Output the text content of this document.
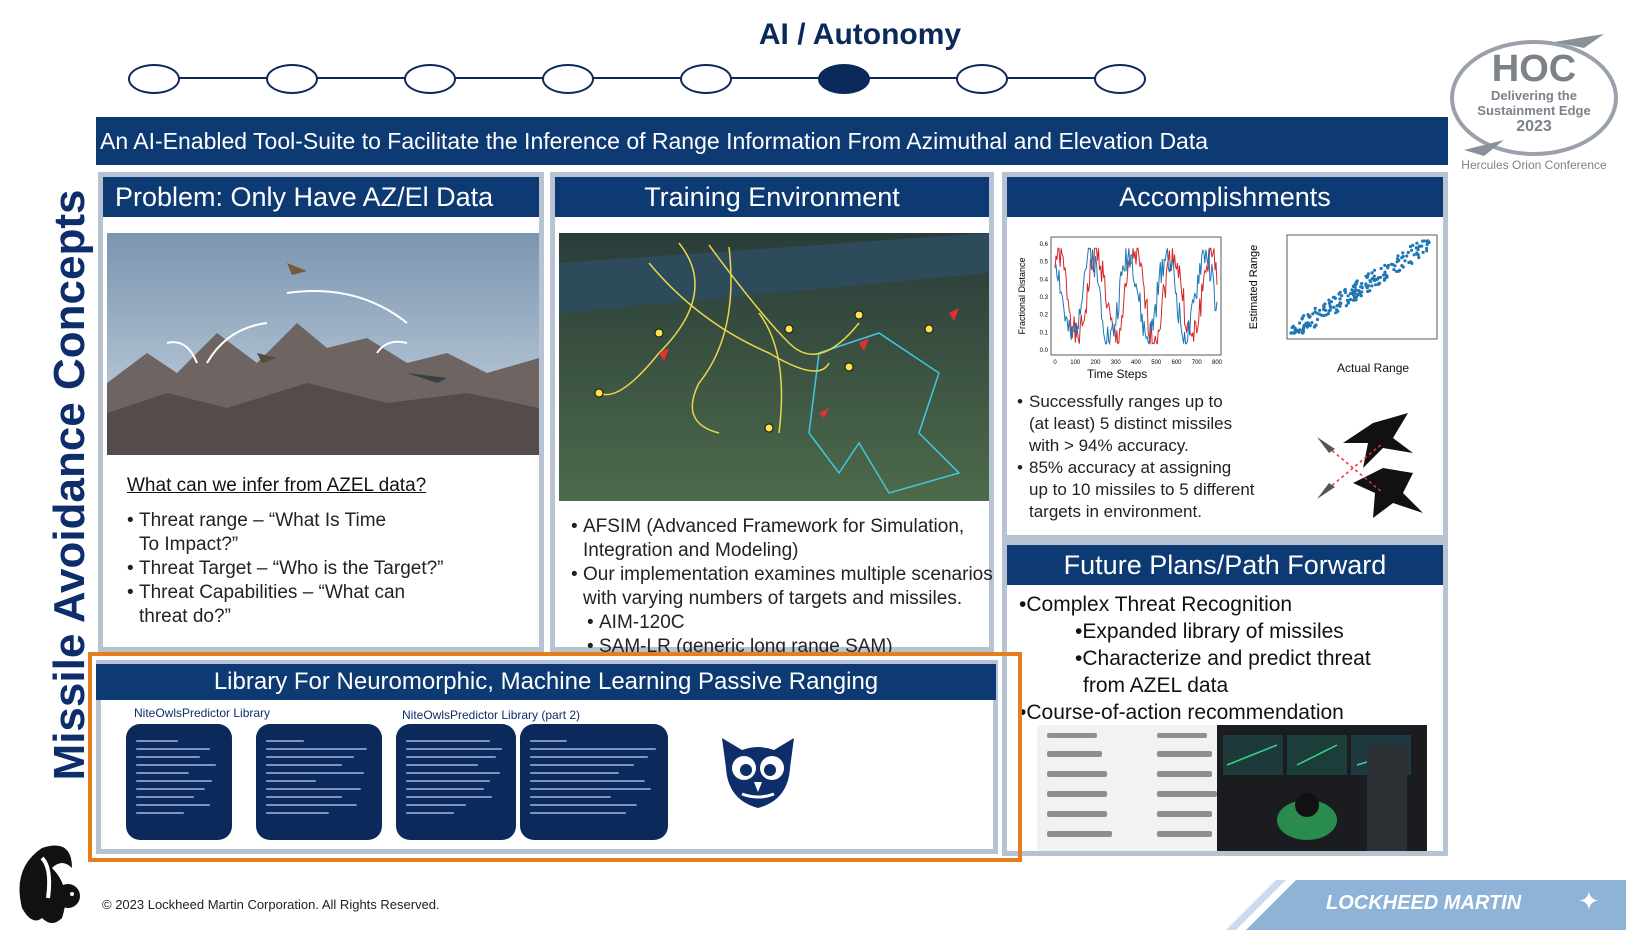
AI / Autonomy
HOC
Delivering the
Sustainment Edge
2023
Hercules Orion Conference
Missile Avoidance Concepts
An AI-Enabled Tool-Suite to Facilitate the Inference of Range Information From Azimuthal and Elevation Data
Problem: Only Have AZ/El Data
What can we infer from AZEL data?
• Threat range – “What Is Time
To Impact?”
• Threat Target – “Who is the Target?”
• Threat Capabilities – “What can
threat do?”
Training Environment
• AFSIM (Advanced Framework for Simulation,
Integration and Modeling)
• Our implementation examines multiple scenarios
with varying numbers of targets and missiles.
• AIM-120C
• SAM-LR (generic long range SAM)
Accomplishments
0.6
0.5
0.4
0.3
0.2
0.1
0.0
0 100 200 300 400 500 600 700 800
Fractional Distance
Time Steps
Estimated Range
Actual Range
• Successfully ranges up to
(at least) 5 distinct missiles
with > 94% accuracy.
• 85% accuracy at assigning
up to 10 missiles to 5 different
targets in environment.
Future Plans/Path Forward
•Complex Threat Recognition
•Expanded library of missiles
•Characterize and predict threat
from AZEL data
•Course-of-action recommendation
Library For Neuromorphic, Machine Learning Passive Ranging
NiteOwlsPredictor Library	NiteOwlsPredictor Library (part 2)
© 2023 Lockheed Martin Corporation. All Rights Reserved.	LOCKHEED MARTIN	✦
